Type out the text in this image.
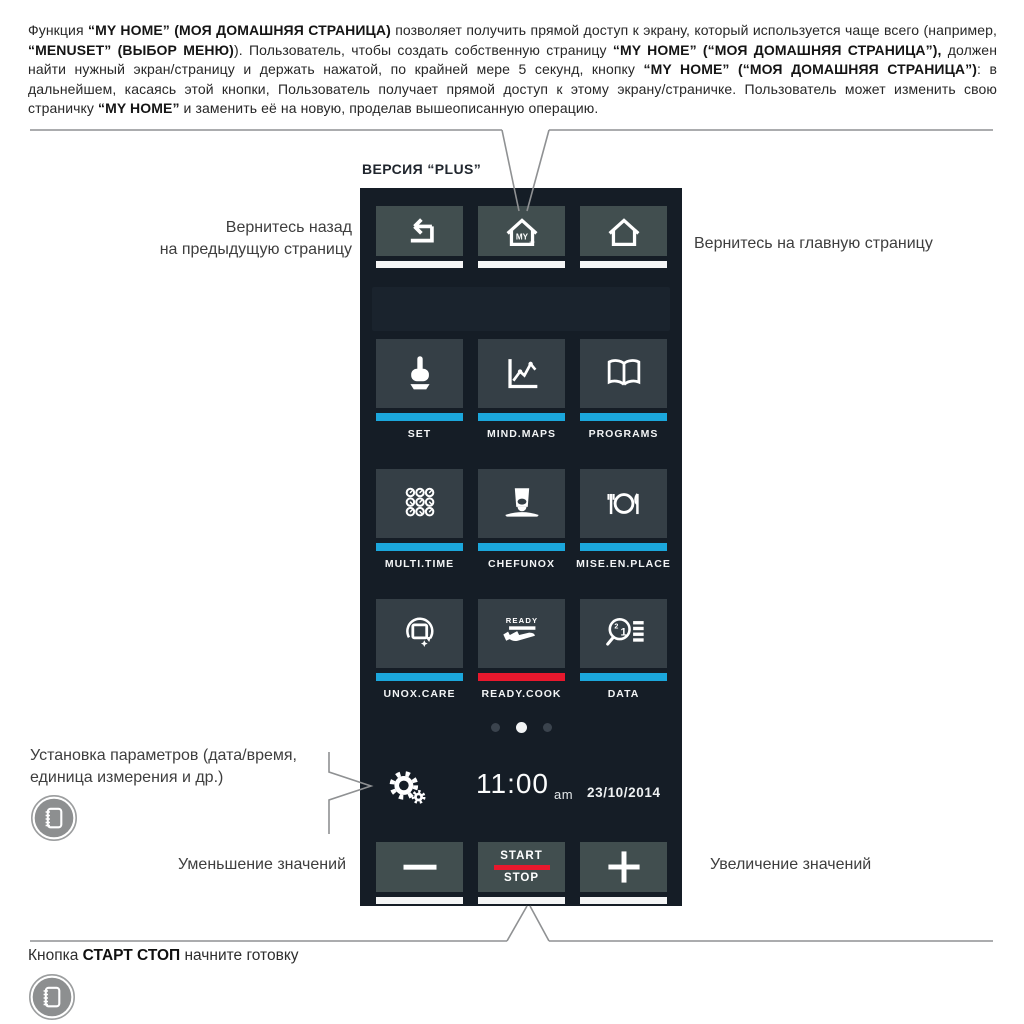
Функция “MY HOME” (МОЯ ДОМАШНЯЯ СТРАНИЦА) позволяет получить прямой доступ к экрану, который используется чаще всего (например, “MENUSET” (ВЫБОР МЕНЮ)). Пользователь, чтобы создать собственную страницу “MY HOME” (“МОЯ ДОМАШНЯЯ СТРАНИЦА”), должен найти нужный экран/страницу и держать нажатой, по крайней мере 5 секунд, кнопку “MY HOME” (“МОЯ ДОМАШНЯЯ СТРАНИЦА”): в дальнейшем, касаясь этой кнопки, Пользователь получает прямой доступ к этому экрану/страничке. Пользователь может изменить свою страничку “MY HOME” и заменить её на новую, проделав вышеописанную операцию.

ВЕРСИЯ “PLUS”
MY
SET	MIND.MAPS	PROGRAMS
MULTI.TIME	CHEFUNOX	MISE.EN.PLACE
READY
2 1
UNOX.CARE	READY.COOK	DATA
11:00 am 23/10/2014
START
STOP
Вернитесь назад
на предыдущую страницу	Вернитесь на главную страницу
Установка параметров (дата/время,
единица измерения и др.)
Уменьшение значений	Увеличение значений
Кнопка СТАРТ СТОП начните готовку
